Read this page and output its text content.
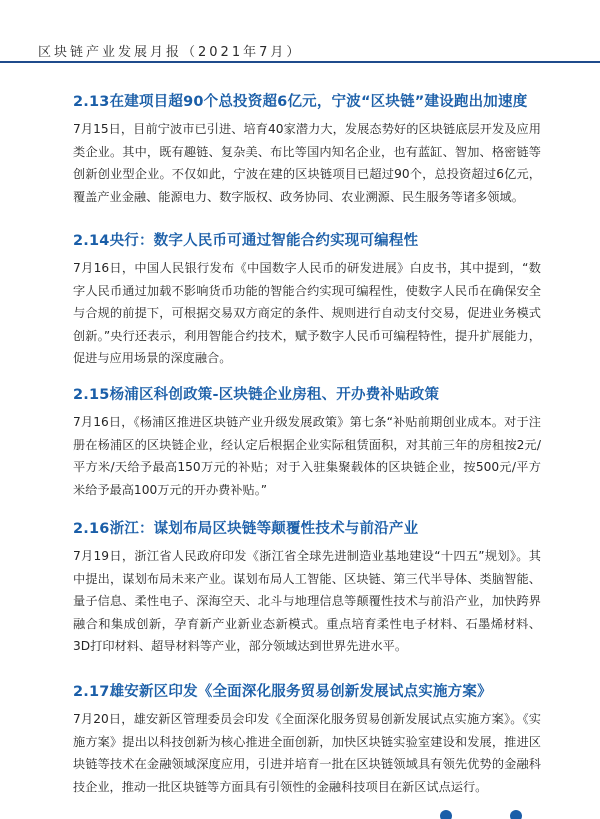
区块链产业发展月报（2021年7月）
2.13在建项目超90个总投资超6亿元，宁波“区块链”建设跑出加速度
7月15日，目前宁波市已引进、培育40家潜力大，发展态势好的区块链底层开发及应用类企业。其中，既有趣链、复杂美、布比等国内知名企业，也有蓝缸、智加、格密链等创新创业型企业。不仅如此，宁波在建的区块链项目已超过90个，总投资超过6亿元，覆盖产业金融、能源电力、数字版权、政务协同、农业溯源、民生服务等诸多领域。
2.14央行：数字人民币可通过智能合约实现可编程性
7月16日，中国人民银行发布《中国数字人民币的研发进展》白皮书，其中提到，“数字人民币通过加载不影响货币功能的智能合约实现可编程性，使数字人民币在确保安全与合规的前提下，可根据交易双方商定的条件、规则进行自动支付交易，促进业务模式创新。”央行还表示，利用智能合约技术，赋予数字人民币可编程特性，提升扩展能力，促进与应用场景的深度融合。
2.15杨浦区科创政策-区块链企业房租、开办费补贴政策
7月16日，《杨浦区推进区块链产业升级发展政策》第七条“补贴前期创业成本。对于注册在杨浦区的区块链企业，经认定后根据企业实际租赁面积，对其前三年的房租按2元/平方米/天给予最高150万元的补贴；对于入驻集聚载体的区块链企业，按500元/平方米给予最高100万元的开办费补贴。”
2.16浙江：谋划布局区块链等颠覆性技术与前沿产业
7月19日，浙江省人民政府印发《浙江省全球先进制造业基地建设“十四五”规划》。其中提出，谋划布局未来产业。谋划布局人工智能、区块链、第三代半导体、类脑智能、量子信息、柔性电子、深海空天、北斗与地理信息等颠覆性技术与前沿产业，加快跨界融合和集成创新，孕育新产业新业态新模式。重点培育柔性电子材料、石墨烯材料、3D打印材料、超导材料等产业，部分领域达到世界先进水平。
2.17雄安新区印发《全面深化服务贸易创新发展试点实施方案》
7月20日，雄安新区管理委员会印发《全面深化服务贸易创新发展试点实施方案》。《实施方案》提出以科技创新为核心推进全面创新，加快区块链实验室建设和发展，推进区块链等技术在金融领域深度应用，引进并培育一批在区块链领域具有领先优势的金融科技企业，推动一批区块链等方面具有引领性的金融科技项目在新区试点运行。
